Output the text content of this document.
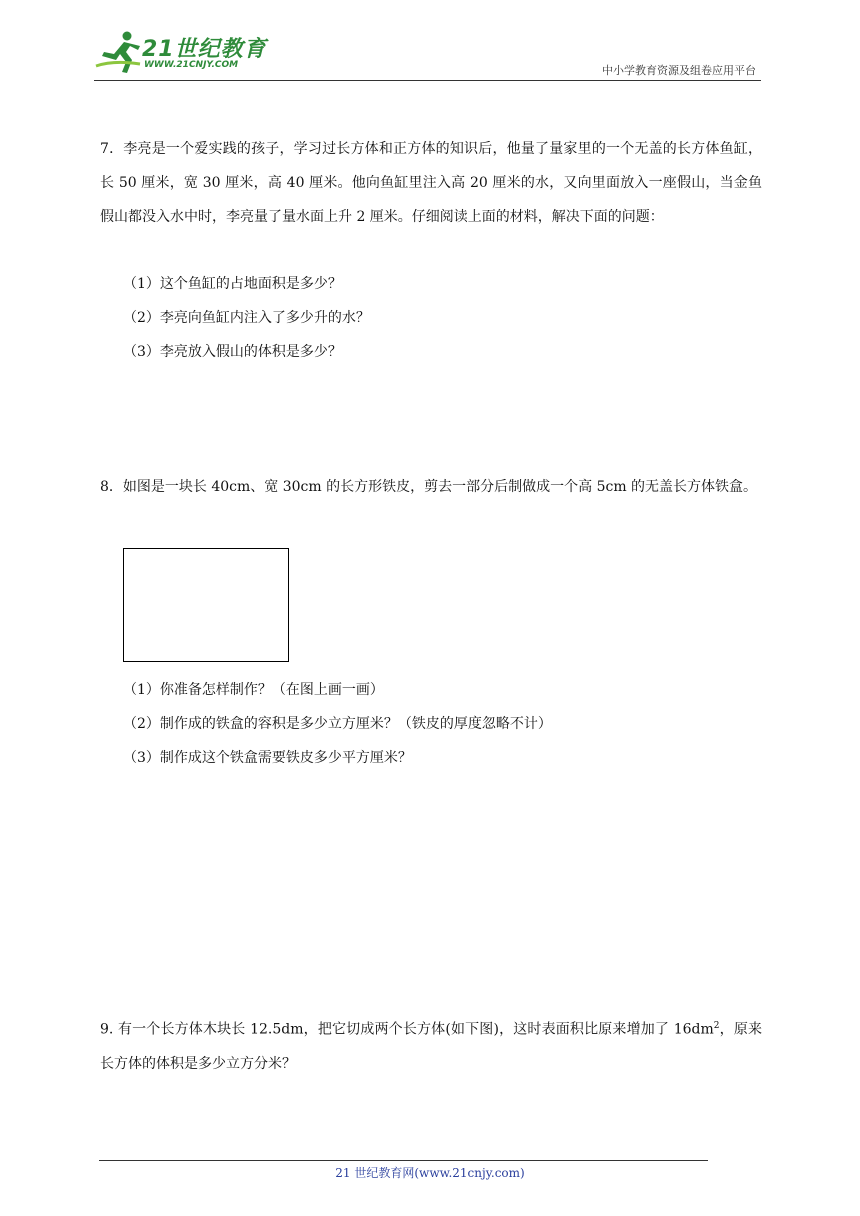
21世纪教育
WWW.21CNJY.COM	中小学教育资源及组卷应用平台

7．李亮是一个爱实践的孩子，学习过长方体和正方体的知识后，他量了量家里的一个无盖的长方体鱼缸，长 50 厘米，宽 30 厘米，高 40 厘米。他向鱼缸里注入高 20 厘米的水，又向里面放入一座假山，当金鱼假山都没入水中时，李亮量了量水面上升 2 厘米。仔细阅读上面的材料，解决下面的问题：

（1）这个鱼缸的占地面积是多少？
（2）李亮向鱼缸内注入了多少升的水？
（3）李亮放入假山的体积是多少？

8．如图是一块长 40cm、宽 30cm 的长方形铁皮，剪去一部分后制做成一个高 5cm 的无盖长方体铁盒。

（1）你准备怎样制作？（在图上画一画）
（2）制作成的铁盒的容积是多少立方厘米？（铁皮的厚度忽略不计）
（3）制作成这个铁盒需要铁皮多少平方厘米？

9. 有一个长方体木块长 12.5dm，把它切成两个长方体(如下图)，这时表面积比原来增加了 $16dm^2$，原来长方体的体积是多少立方分米？

21 世纪教育网(www.21cnjy.com)
